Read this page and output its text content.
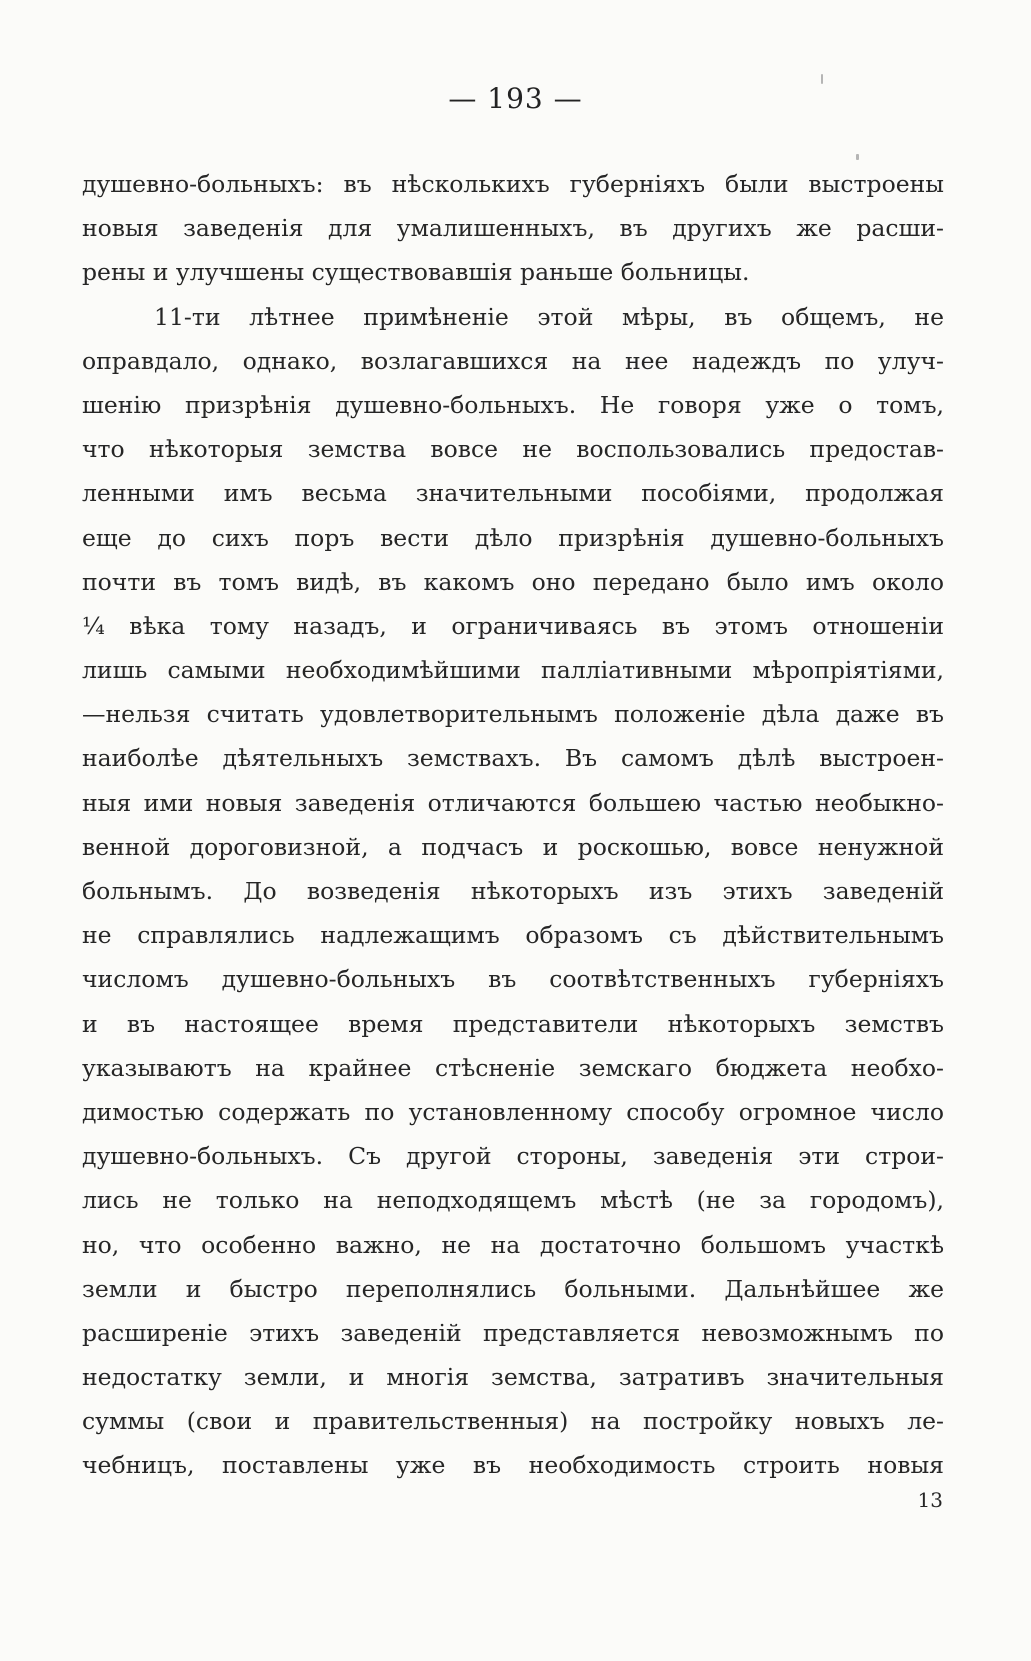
— 193 —
душевно-больныхъ: въ нѣсколькихъ губерніяхъ были выстроены
новыя заведенія для умалишенныхъ, въ другихъ же расши-
рены и улучшены существовавшія раньше больницы.
11-ти лѣтнее примѣненіе этой мѣры, въ общемъ, не
оправдало, однако, возлагавшихся на нее надеждъ по улуч-
шенію призрѣнія душевно-больныхъ. Не говоря уже о томъ,
что нѣкоторыя земства вовсе не воспользовались предостав-
ленными имъ весьма значительными пособіями, продолжая
еще до сихъ поръ вести дѣло призрѣнія душевно-больныхъ
почти въ томъ видѣ, въ какомъ оно передано было имъ около
¼ вѣка тому назадъ, и ограничиваясь въ этомъ отношеніи
лишь самыми необходимѣйшими палліативными мѣропріятіями,
—нельзя считать удовлетворительнымъ положеніе дѣла даже въ
наиболѣе дѣятельныхъ земствахъ. Въ самомъ дѣлѣ выстроен-
ныя ими новыя заведенія отличаются большею частью необыкно-
венной дороговизной, а подчасъ и роскошью, вовсе ненужной
больнымъ. До возведенія нѣкоторыхъ изъ этихъ заведеній
не справлялись надлежащимъ образомъ съ дѣйствительнымъ
числомъ душевно-больныхъ въ соотвѣтственныхъ губерніяхъ
и въ настоящее время представители нѣкоторыхъ земствъ
указываютъ на крайнее стѣсненіе земскаго бюджета необхо-
димостью содержать по установленному способу огромное число
душевно-больныхъ. Съ другой стороны, заведенія эти строи-
лись не только на неподходящемъ мѣстѣ (не за городомъ),
но, что особенно важно, не на достаточно большомъ участкѣ
земли и быстро переполнялись больными. Дальнѣйшее же
расширеніе этихъ заведеній представляется невозможнымъ по
недостатку земли, и многія земства, затративъ значительныя
суммы (свои и правительственныя) на постройку новыхъ ле-
чебницъ, поставлены уже въ необходимость строить новыя
13
